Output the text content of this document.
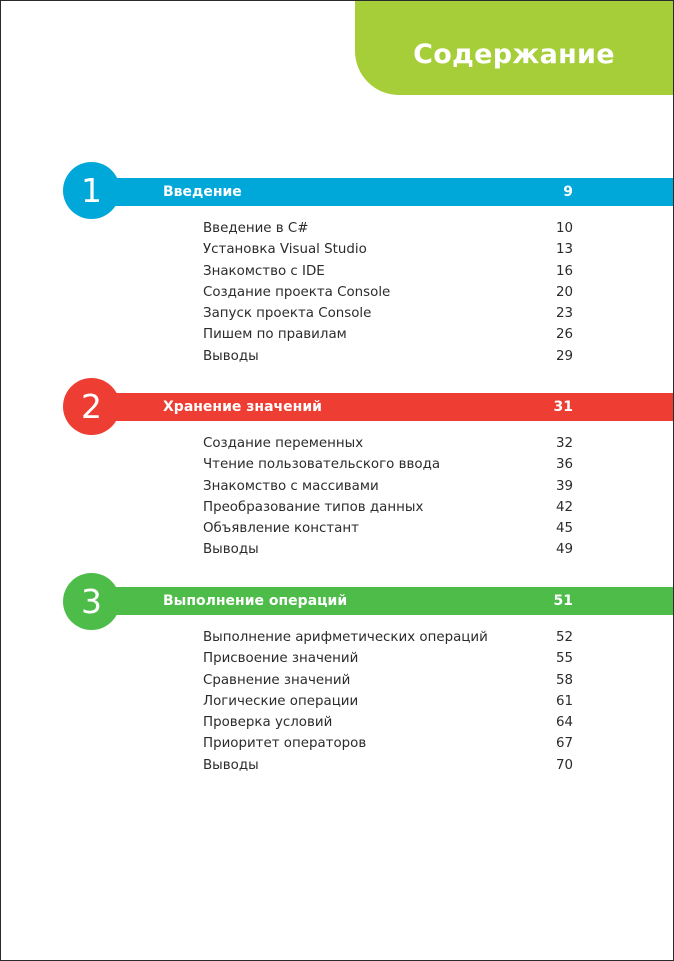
Содержание
1	Введение	9
Введение в C#	10
Установка Visual Studio	13
Знакомство с IDE	16
Создание проекта Console	20
Запуск проекта Console	23
Пишем по правилам	26
Выводы	29
2	Хранение значений	31
Создание переменных	32
Чтение пользовательского ввода	36
Знакомство с массивами	39
Преобразование типов данных	42
Объявление констант	45
Выводы	49
3	Выполнение операций	51
Выполнение арифметических операций	52
Присвоение значений	55
Сравнение значений	58
Логические операции	61
Проверка условий	64
Приоритет операторов	67
Выводы	70
